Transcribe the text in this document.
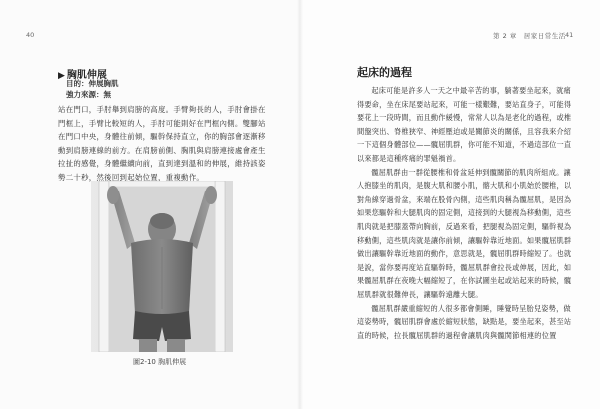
40
▶ 胸肌伸展
目的：伸展胸肌
強力來源：無
站在門口，手肘舉到肩膀的高度。手臂夠長的人，手肘會掛在門框上，手臂比較短的人，手肘可能則好在門框內側。雙腳站在門口中央，身體往前傾，驅幹保持直立，你的胸部會逐漸移動到肩膀連線的前方。在肩膀前側、胸肌與肩膀連接處會產生拉扯的感覺，身體繼續向前，直到達到溫和的伸展，維持該姿勢二十秒，然後回到起始位置，重複動作。
圖2-10 胸肌伸展
第 2 章　居家日常生活 41
起床的過程

起床可能是許多人一天之中最辛苦的事，躺著要坐起來，就痛得要命，坐在床尾要站起來，可能一樣艱難，要站直身子，可能得要花上一段時間，而且動作緩慢，常常人以為是老化的過程，或椎間盤突出、脊椎狹窄、神經壓迫或是關節炎的關係，且容我來介紹一下這個身體部位——髖屈肌群，你可能不知道，不過這部位一直以來都是這種疼痛的罪魁禍首。

髖屈肌群由一群從腰椎和骨盆延伸到髖關節的肌肉所組成。讓人抱膝坐的肌肉，是腹大肌和腰小肌，髂大肌和小肌始於腰椎，以對角線穿過骨盆，來端在股骨內側，這些肌肉稱為髖屈肌，是因為如果您驅幹和大腿肌肉的固定側，這接到的大腿視為移動側，這些肌肉就是把膝蓋帶向胸前，反過來看，把腿視為固定側，驅幹視為移動側，這些肌肉就是讓你前傾，讓驅幹靠近地面。如果髖屈肌群做出讓驅幹靠近地面的動作，意思就是，髖屈肌群時縮短了。也就是說，當你要再度站直驅幹時，髖屈肌群會拉長或伸展，因此，如果髖屈肌群在夜晚大幅縮短了，在你試圖坐起或站起來的時候，髖屈肌群就很難伸長，讓驅幹遠離大腿。

髖屈肌群嚴重縮短的人很多都會側睡，睡覺時呈胎兒姿勢，做這姿勢時，髖屈肌群會處於縮短狀態，缺點是，要坐起來，甚至站直的時候，拉長髖屈肌群的過程會讓肌肉與髖関節相連的位置
